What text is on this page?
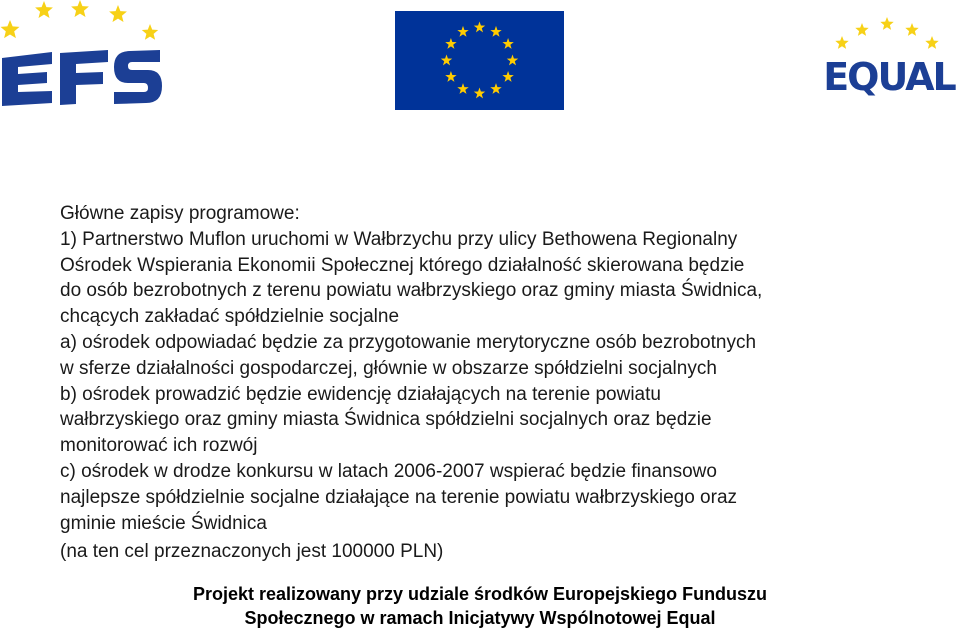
EQUAL
Główne zapisy programowe:
1) Partnerstwo Muflon uruchomi w Wałbrzychu przy ulicy Bethowena Regionalny
Ośrodek Wspierania Ekonomii Społecznej którego działalność skierowana będzie
do osób bezrobotnych z terenu powiatu wałbrzyskiego oraz gminy miasta Świdnica,
chcących zakładać spółdzielnie socjalne
a) ośrodek odpowiadać będzie za przygotowanie merytoryczne osób bezrobotnych
w sferze działalności gospodarczej, głównie w obszarze spółdzielni socjalnych
b) ośrodek prowadzić będzie ewidencję działających na terenie powiatu
wałbrzyskiego oraz gminy miasta Świdnica spółdzielni socjalnych oraz będzie
monitorować ich rozwój
c) ośrodek w drodze konkursu w latach 2006-2007 wspierać będzie finansowo
najlepsze spółdzielnie socjalne działające na terenie powiatu wałbrzyskiego oraz
gminie mieście Świdnica
(na ten cel przeznaczonych jest 100000 PLN)
Projekt realizowany przy udziale środków Europejskiego Funduszu
Społecznego w ramach Inicjatywy Wspólnotowej Equal
